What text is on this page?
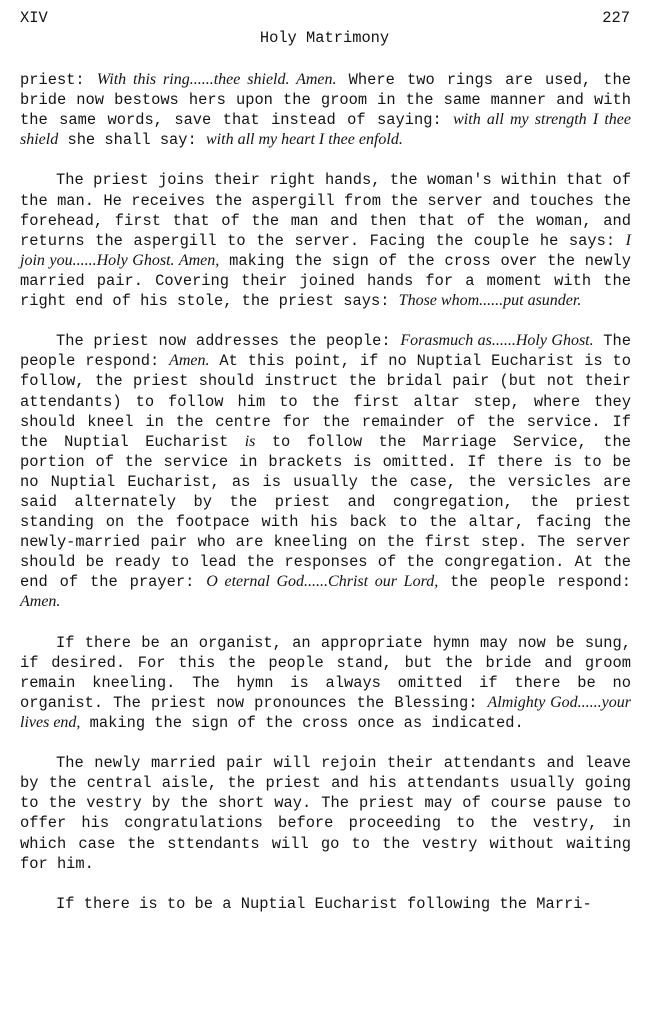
XIV	227
Holy Matrimony

priest: With this ring......thee shield. Amen. Where two rings are used, the bride now bestows hers upon the groom in the same manner and with the same words, save that instead of saying: with all my strength I thee shield she shall say: with all my heart I thee enfold.

The priest joins their right hands, the woman's within that of the man. He receives the aspergill from the server and touches the forehead, first that of the man and then that of the woman, and returns the aspergill to the server. Facing the couple he says: I join you......Holy Ghost. Amen, making the sign of the cross over the newly married pair. Covering their joined hands for a moment with the right end of his stole, the priest says: Those whom......put asunder.

The priest now addresses the people: Forasmuch as......Holy Ghost. The people respond: Amen. At this point, if no Nuptial Eucharist is to follow, the priest should instruct the bridal pair (but not their attendants) to follow him to the first altar step, where they should kneel in the centre for the remainder of the service. If the Nuptial Eucharist is to follow the Marriage Service, the portion of the service in brackets is omitted. If there is to be no Nuptial Eucharist, as is usually the case, the versicles are said alternately by the priest and congregation, the priest standing on the footpace with his back to the altar, facing the newly-married pair who are kneeling on the first step. The server should be ready to lead the responses of the congregation. At the end of the prayer: O eternal God......Christ our Lord, the people respond: Amen.

If there be an organist, an appropriate hymn may now be sung, if desired. For this the people stand, but the bride and groom remain kneeling. The hymn is always omitted if there be no organist. The priest now pronounces the Blessing: Almighty God......your lives end, making the sign of the cross once as indicated.

The newly married pair will rejoin their attendants and leave by the central aisle, the priest and his attendants usually going to the vestry by the short way. The priest may of course pause to offer his congratulations before proceeding to the vestry, in which case the sttendants will go to the vestry without waiting for him.

If there is to be a Nuptial Eucharist following the Marri-
